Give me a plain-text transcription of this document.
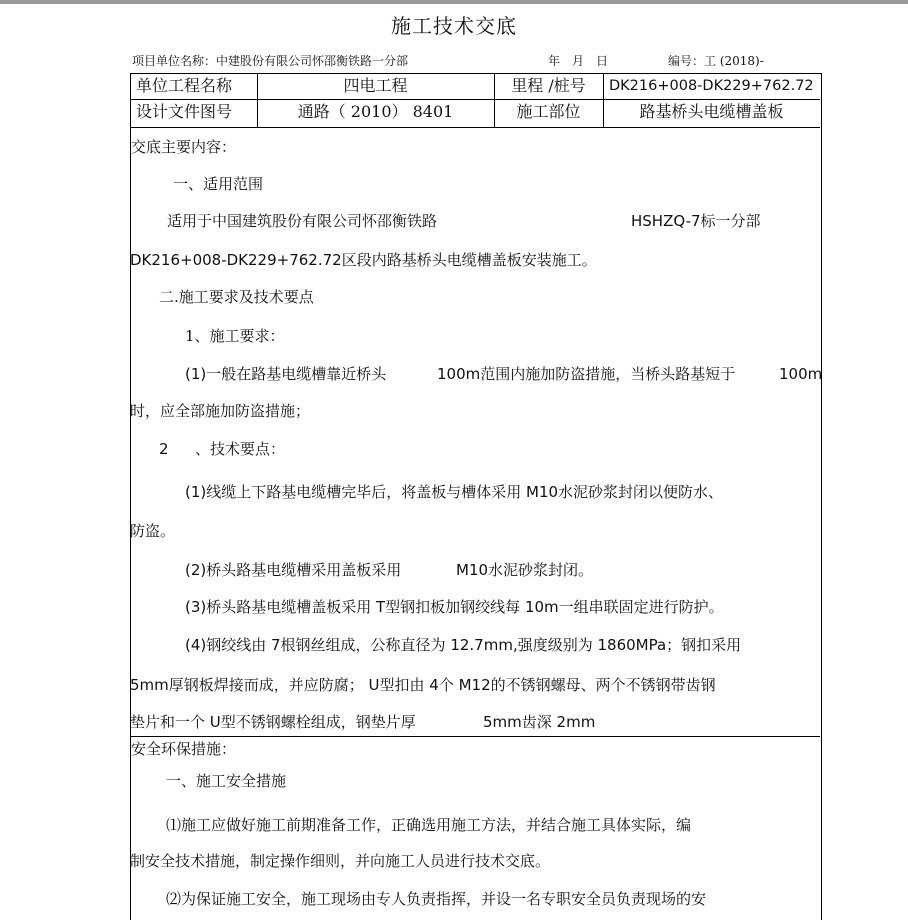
施工技术交底
项目单位名称：中建股份有限公司怀邵衡铁路一分部	年　月　日	编号：工 (2018)-
单位工程名称	四电工程	里程 /桩号	DK216+008-DK229+762.72
设计文件图号	通路（ 2010） 8401	施工部位	路基桥头电缆槽盖板
交底主要内容：
一、适用范围
适用于中国建筑股份有限公司怀邵衡铁路	HSHZQ-7标一分部
DK216+008-DK229+762.72区段内路基桥头电缆槽盖板安装施工。
二.施工要求及技术要点
1、施工要求：
(1)一般在路基电缆槽靠近桥头	100m范围内施加防盗措施，当桥头路基短于	100m
时，应全部施加防盗措施；
2 、技术要点：
(1)线缆上下路基电缆槽完毕后，将盖板与槽体采用 M10水泥砂浆封闭以便防水、
防盗。
(2)桥头路基电缆槽采用盖板采用	M10水泥砂浆封闭。
(3)桥头路基电缆槽盖板采用 T型钢扣板加钢绞线每 10m一组串联固定进行防护。
(4)钢绞线由 7根钢丝组成，公称直径为 12.7mm,强度级别为 1860MPa；钢扣采用
5mm厚钢板焊接而成，并应防腐； U型扣由 4个 M12的不锈钢螺母、两个不锈钢带齿钢
垫片和一个 U型不锈钢螺栓组成，钢垫片厚	5mm齿深 2mm
安全环保措施：
一、施工安全措施
⑴施工应做好施工前期准备工作，正确选用施工方法，并结合施工具体实际，编
制安全技术措施，制定操作细则，并向施工人员进行技术交底。
⑵为保证施工安全，施工现场由专人负责指挥，并设一名专职安全员负责现场的安
